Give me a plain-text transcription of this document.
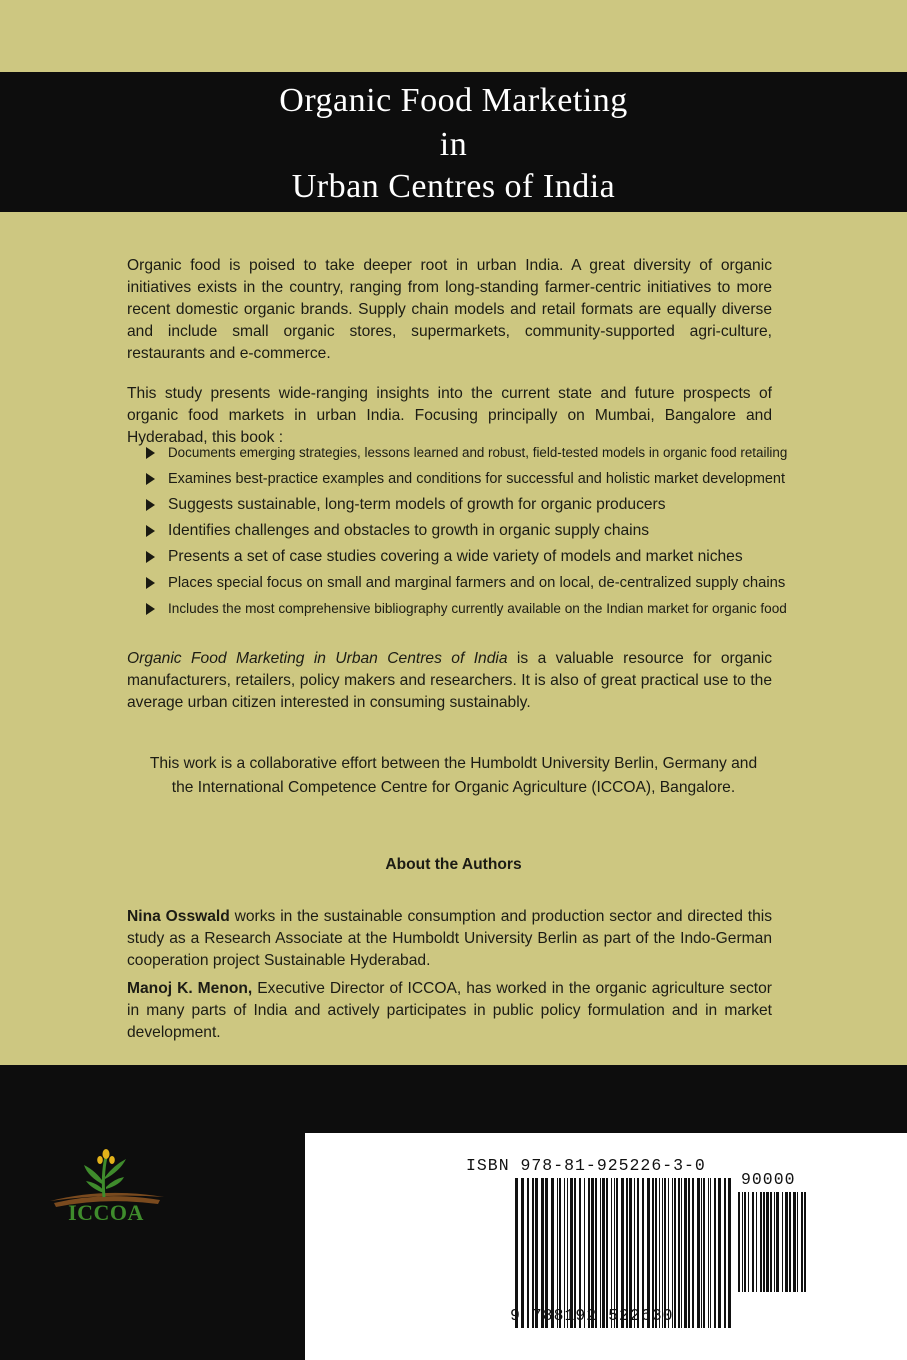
Organic Food Marketing
in
Urban Centres of India
Organic food is poised to take deeper root in urban India. A great diversity of organic initiatives exists in the country, ranging from long-standing farmer-centric initiatives to more recent domestic organic brands. Supply chain models and retail formats are equally diverse and include small organic stores, supermarkets, community-supported agri-culture, restaurants and e-commerce.
This study presents wide-ranging insights into the current state and future prospects of organic food markets in urban India. Focusing principally on Mumbai, Bangalore and Hyderabad, this book :
Documents emerging strategies, lessons learned and robust, field-tested models in organic food retailing
Examines best-practice examples and conditions for successful and holistic market development
Suggests sustainable, long-term models of growth for organic producers
Identifies challenges and obstacles to growth in organic supply chains
Presents a set of case studies covering a wide variety of models and market niches
Places special focus on small and marginal farmers and on local, de-centralized supply chains
Includes the most comprehensive bibliography currently available on the Indian market for organic food
Organic Food Marketing in Urban Centres of India is a valuable resource for organic manufacturers, retailers, policy makers and researchers. It is also of great practical use to the average urban citizen interested in consuming sustainably.
This work is a collaborative effort between the Humboldt University Berlin, Germany and
the International Competence Centre for Organic Agriculture (ICCOA), Bangalore.
About the Authors
Nina Osswald works in the sustainable consumption and production sector and directed this study as a Research Associate at the Humboldt University Berlin as part of the Indo-German cooperation project Sustainable Hyderabad.
Manoj K. Menon, Executive Director of ICCOA, has worked in the organic agriculture sector in many parts of India and actively participates in public policy formulation and in market development.
ICCOA
ISBN 978-81-925226-3-0
90000
9 788192 522630
